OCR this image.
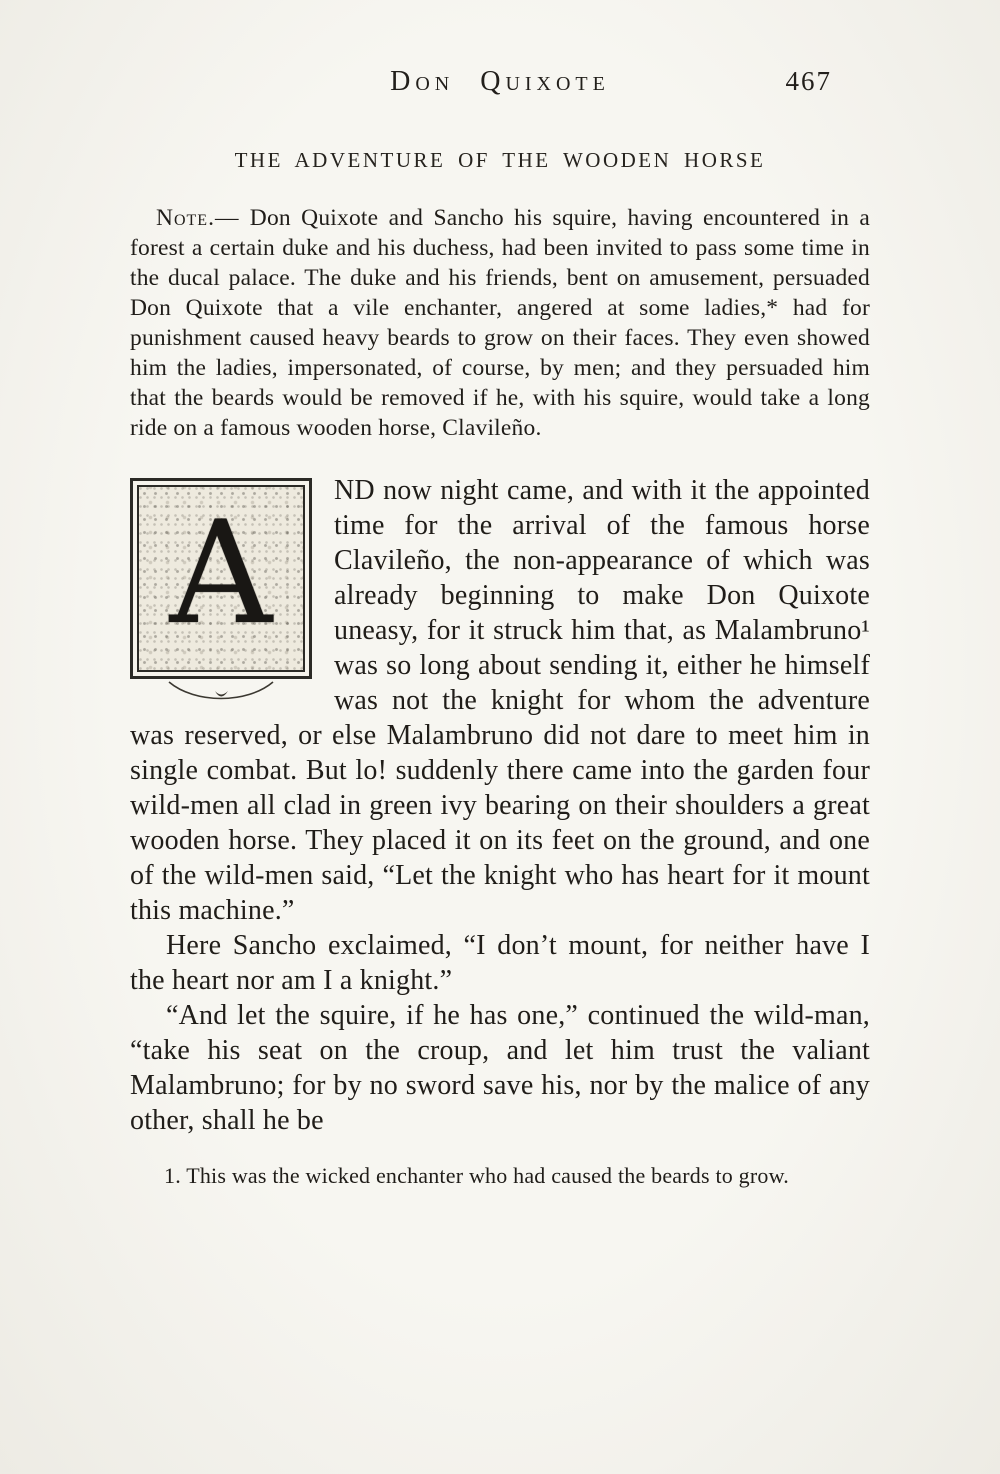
Don Quixote	467
THE ADVENTURE OF THE WOODEN HORSE

Note.— Don Quixote and Sancho his squire, having encountered in a forest a certain duke and his duchess, had been invited to pass some time in the ducal palace. The duke and his friends, bent on amusement, persuaded Don Quixote that a vile enchanter, angered at some ladies,* had for punishment caused heavy beards to grow on their faces. They even showed him the ladies, impersonated, of course, by men; and they persuaded him that the beards would be removed if he, with his squire, would take a long ride on a famous wooden horse, Clavileño.

A ND now night came, and with it the appointed time for the arrival of the famous horse Clavileño, the non-appearance of which was already beginning to make Don Quixote uneasy, for it struck him that, as Malambruno¹ was so long about sending it, either he himself was not the knight for whom the adventure was reserved, or else Malambruno did not dare to meet him in single combat. But lo! suddenly there came into the garden four wild-men all clad in green ivy bearing on their shoulders a great wooden horse. They placed it on its feet on the ground, and one of the wild-men said, “Let the knight who has heart for it mount this machine.”

Here Sancho exclaimed, “I don’t mount, for neither have I the heart nor am I a knight.”

“And let the squire, if he has one,” continued the wild-man, “take his seat on the croup, and let him trust the valiant Malambruno; for by no sword save his, nor by the malice of any other, shall he be

1. This was the wicked enchanter who had caused the beards to grow.
